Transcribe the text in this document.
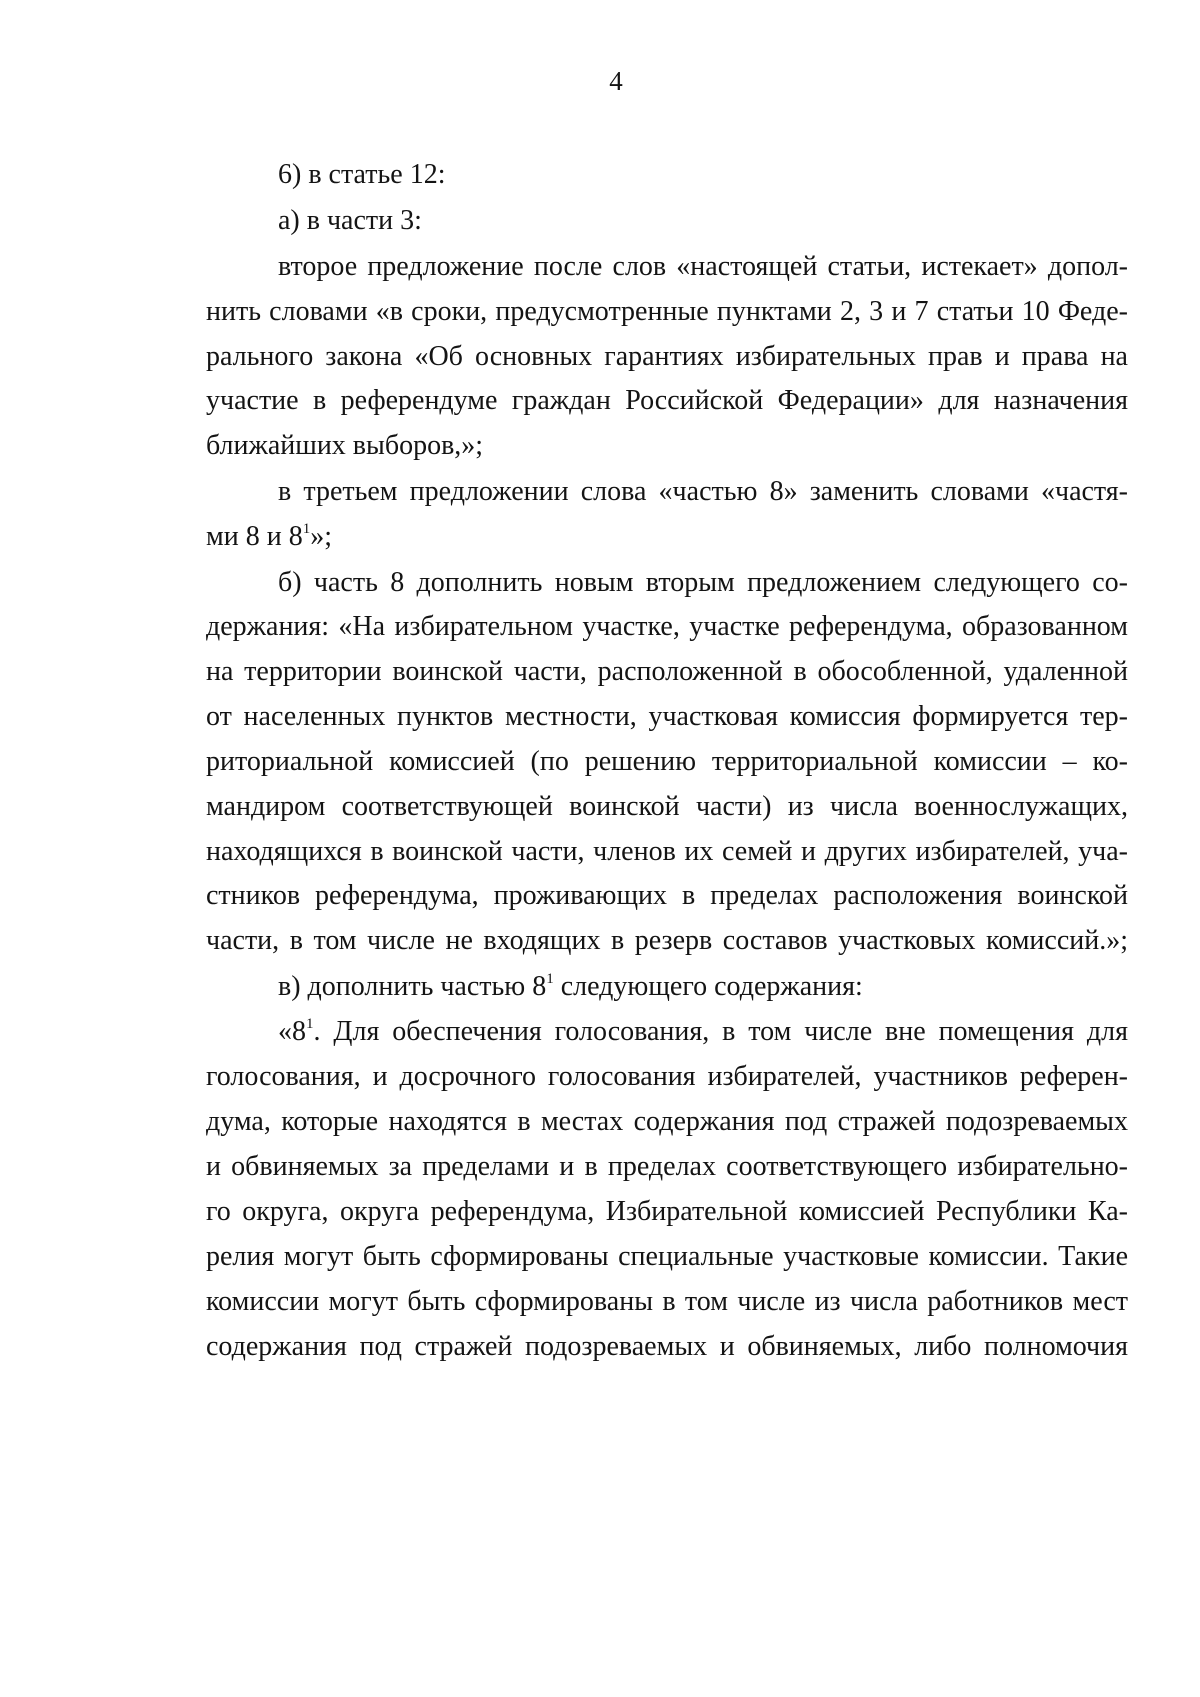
4
6) в статье 12:
а) в части 3:
второе предложение после слов «настоящей статьи, истекает» допол-
нить словами «в сроки, предусмотренные пунктами 2, 3 и 7 статьи 10 Феде-
рального закона «Об основных гарантиях избирательных прав и права на
участие в референдуме граждан Российской Федерации» для назначения
ближайших выборов,»;
в третьем предложении слова «частью 8» заменить словами «частя-
ми 8 и $8^1$»;
б) часть 8 дополнить новым вторым предложением следующего со-
держания: «На избирательном участке, участке референдума, образованном
на территории воинской части, расположенной в обособленной, удаленной
от населенных пунктов местности, участковая комиссия формируется тер-
риториальной комиссией (по решению территориальной комиссии – ко-
мандиром соответствующей воинской части) из числа военнослужащих,
находящихся в воинской части, членов их семей и других избирателей, уча-
стников референдума, проживающих в пределах расположения воинской
части, в том числе не входящих в резерв составов участковых комиссий.»;
в) дополнить частью $8^1$ следующего содержания:
«$8^1$. Для обеспечения голосования, в том числе вне помещения для
голосования, и досрочного голосования избирателей, участников референ-
дума, которые находятся в местах содержания под стражей подозреваемых
и обвиняемых за пределами и в пределах соответствующего избирательно-
го округа, округа референдума, Избирательной комиссией Республики Ка-
релия могут быть сформированы специальные участковые комиссии. Такие
комиссии могут быть сформированы в том числе из числа работников мест
содержания под стражей подозреваемых и обвиняемых, либо полномочия
